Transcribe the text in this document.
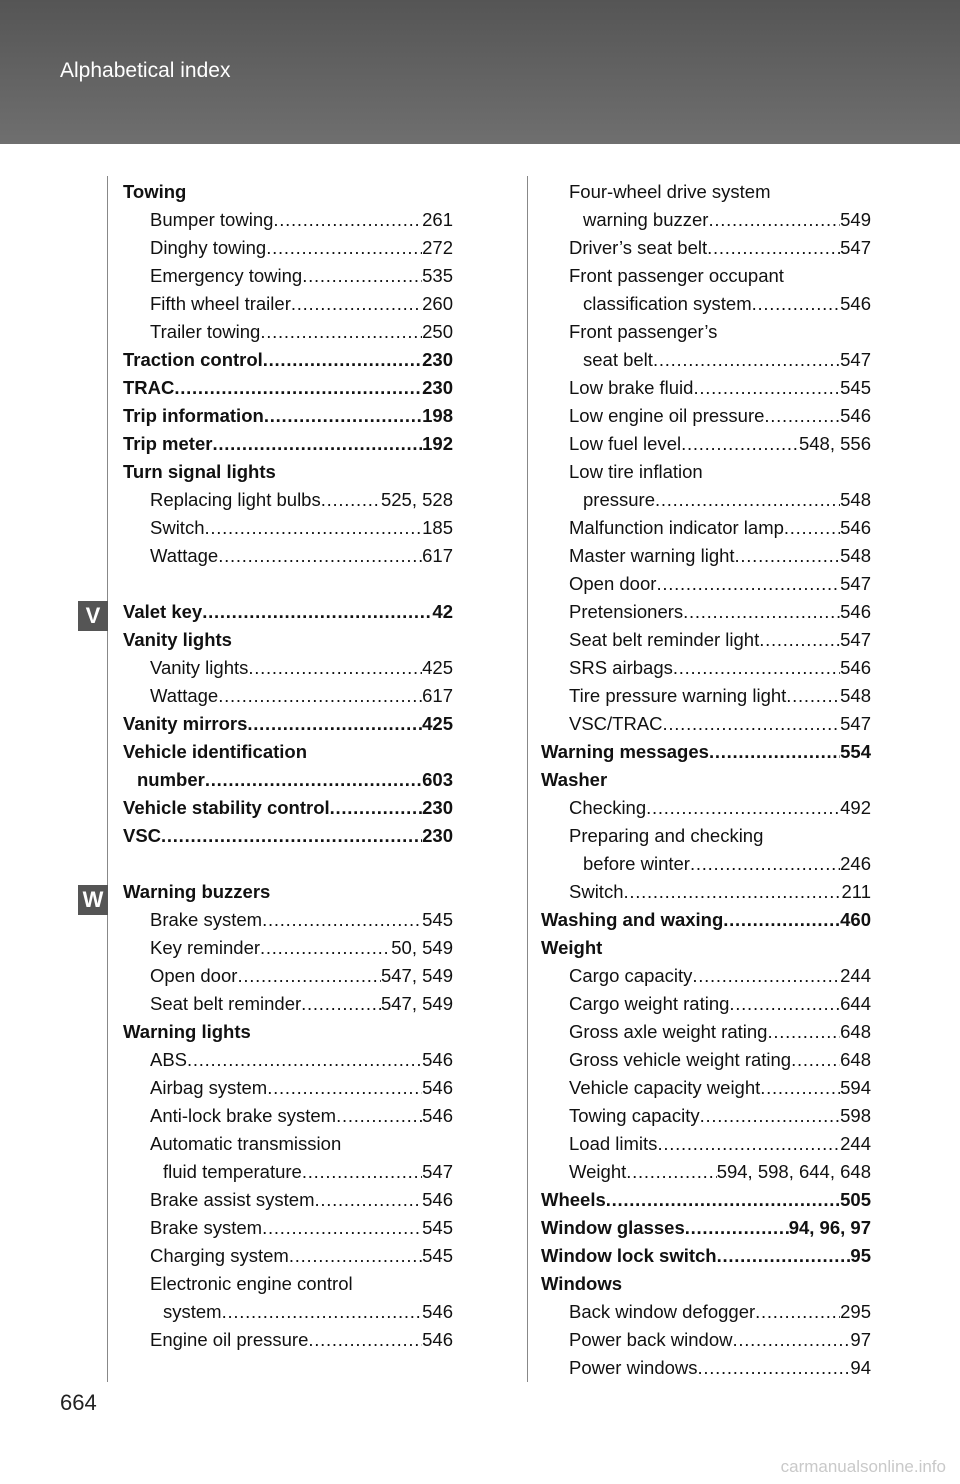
Alphabetical index
V
W
Towing
Bumper towing . . .	261
Dinghy towing . . .	272
Emergency towing . . .	535
Fifth wheel trailer . . .	260
Trailer towing . . .	250
Traction control . . .	230
TRAC . . .	230
Trip information . . .	198
Trip meter . . .	192
Turn signal lights
Replacing light bulbs . . .	525, 528
Switch . . .	185
Wattage . . .	617
Valet key . . .	42
Vanity lights
Vanity lights . . .	425
Wattage . . .	617
Vanity mirrors . . .	425
Vehicle identification
number . . .	603
Vehicle stability control . . .	230
VSC . . .	230
Warning buzzers
Brake system . . .	545
Key reminder . . .	50, 549
Open door . . .	547, 549
Seat belt reminder . . .	547, 549
Warning lights
ABS . . .	546
Airbag system . . .	546
Anti-lock brake system . . .	546
Automatic transmission
fluid temperature . . .	547
Brake assist system . . .	546
Brake system . . .	545
Charging system . . .	545
Electronic engine control
system . . .	546
Engine oil pressure . . .	546
Four-wheel drive system
warning buzzer . . .	549
Driver’s seat belt . . .	547
Front passenger occupant
classification system . . .	546
Front passenger’s
seat belt . . .	547
Low brake fluid . . .	545
Low engine oil pressure . . .	546
Low fuel level . . .	548, 556
Low tire inflation
pressure . . .	548
Malfunction indicator lamp . . .	546
Master warning light . . .	548
Open door . . .	547
Pretensioners . . .	546
Seat belt reminder light . . .	547
SRS airbags . . .	546
Tire pressure warning light . . .	548
VSC/TRAC . . .	547
Warning messages . . .	554
Washer
Checking . . .	492
Preparing and checking
before winter . . .	246
Switch . . .	211
Washing and waxing . . .	460
Weight
Cargo capacity . . .	244
Cargo weight rating . . .	644
Gross axle weight rating . . .	648
Gross vehicle weight rating . . .	648
Vehicle capacity weight . . .	594
Towing capacity . . .	598
Load limits . . .	244
Weight . . .	594, 598, 644, 648
Wheels . . .	505
Window glasses . . .	94, 96, 97
Window lock switch . . .	95
Windows
Back window defogger . . .	295
Power back window . . .	97
Power windows . . .	94
664
carmanualsonline.info
